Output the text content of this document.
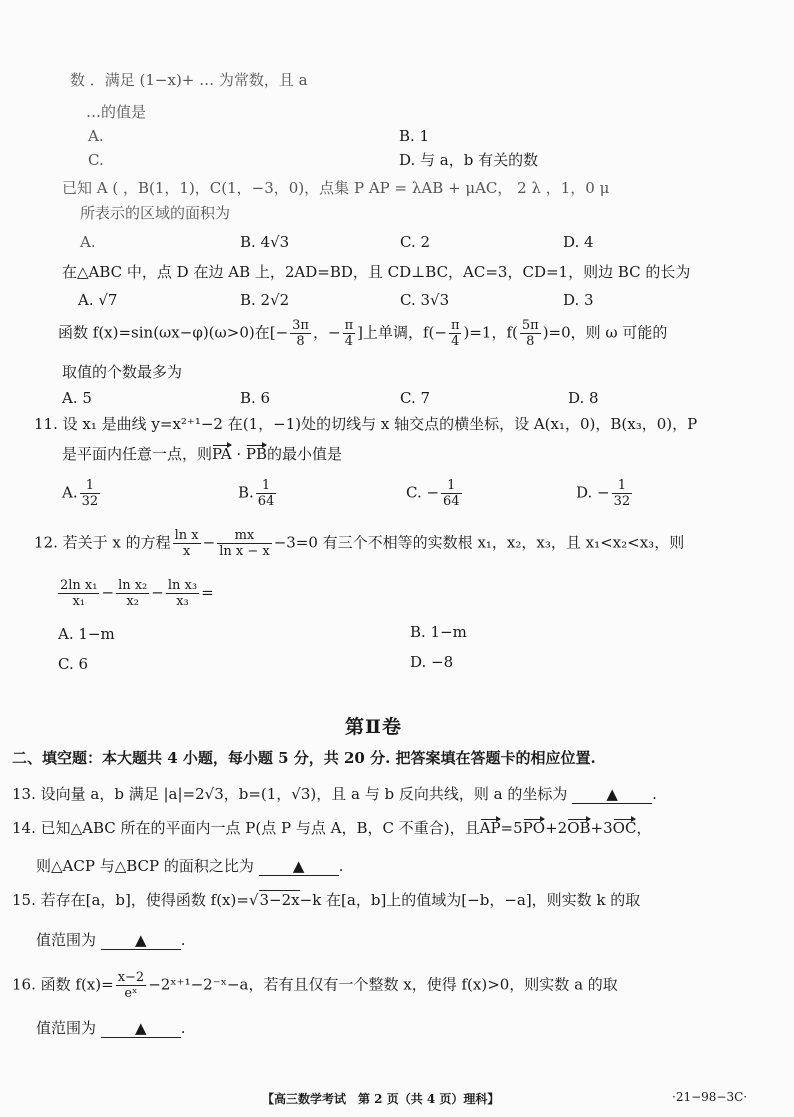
数 ．满足 (1−x)+ … 为常数，且 a
…的值是
A.	B. 1
C.	D. 与 a，b 有关的数
已知 A ( ，B(1，1)，C(1，−3，0)，点集 P AP = λAB + μAC， 2 λ ，1，0 μ
所表示的区域的面积为
A.	B. 4√3	C. 2	D. 4
在△ABC 中，点 D 在边 AB 上，2AD=BD，且 CD⊥BC，AC=3，CD=1，则边 BC 的长为
A. √7	B. 2√2	C. 3√3	D. 3
函数 f(x)=sin(ωx−φ)(ω>0)在[− $\frac{3\pi}{8}$ ，− $\frac{\pi}{4}$ ]上单调，$f(- \frac{\pi}{4} )=1$，$f( \frac{5\pi}{8} )=0$，则 ω 可能的
取值的个数最多为
A. 5	B. 6	C. 7	D. 8
11. 设 x₁ 是曲线 y=x²⁺¹−2 在(1，−1)处的切线与 x 轴交点的横坐标，设 A(x₁，0)，B(x₃，0)，P
是平面内任意一点，则PA · PB的最小值是
A. $\frac{1}{32}$	B. $\frac{1}{64}$	C. − $\frac{1}{64}$	D. − $\frac{1}{32}$
12. 若关于 x 的方程 $\frac{\text{ln x}}{x} - \frac{mx}{\text{ln x − x}} -3=0$ 有三个不相等的实数根 x₁，x₂，x₃，且 x₁<x₂<x₃，则
$\frac{\text{2ln x₁}}{\text{x₁}} - \frac{\text{ln x₂}}{\text{x₂}} - \frac{\text{ln x₃}}{\text{x₃}}$ =
A. 1−m	B. 1−m
C. 6	D. −8
第Ⅱ卷
二、填空题：本大题共 4 小题，每小题 5 分，共 20 分. 把答案填在答题卡的相应位置.
13. 设向量 a，b 满足 |a|=2√3，b=(1，√3)，且 a 与 b 反向共线，则 a 的坐标为	▲ .
14. 已知△ABC 所在的平面内一点 P(点 P 与点 A，B，C 不重合)，且AP=5PO+2OB+3OC，
则△ACP 与△BCP 的面积之比为	▲ .
15. 若存在[a，b]，使得函数 f(x)=√3−2x−k 在[a，b]上的值域为[−b，−a]，则实数 k 的取
值范围为	▲ .
16. 函数 $f(x)= \frac{x-2}{\text{eˣ}}$ −2ˣ⁺¹−2⁻ˣ−a，若有且仅有一个整数 x，使得 f(x)>0，则实数 a 的取
值范围为	▲ .
【高三数学考试　第 2 页（共 4 页）理科】	·21−98−3C·
